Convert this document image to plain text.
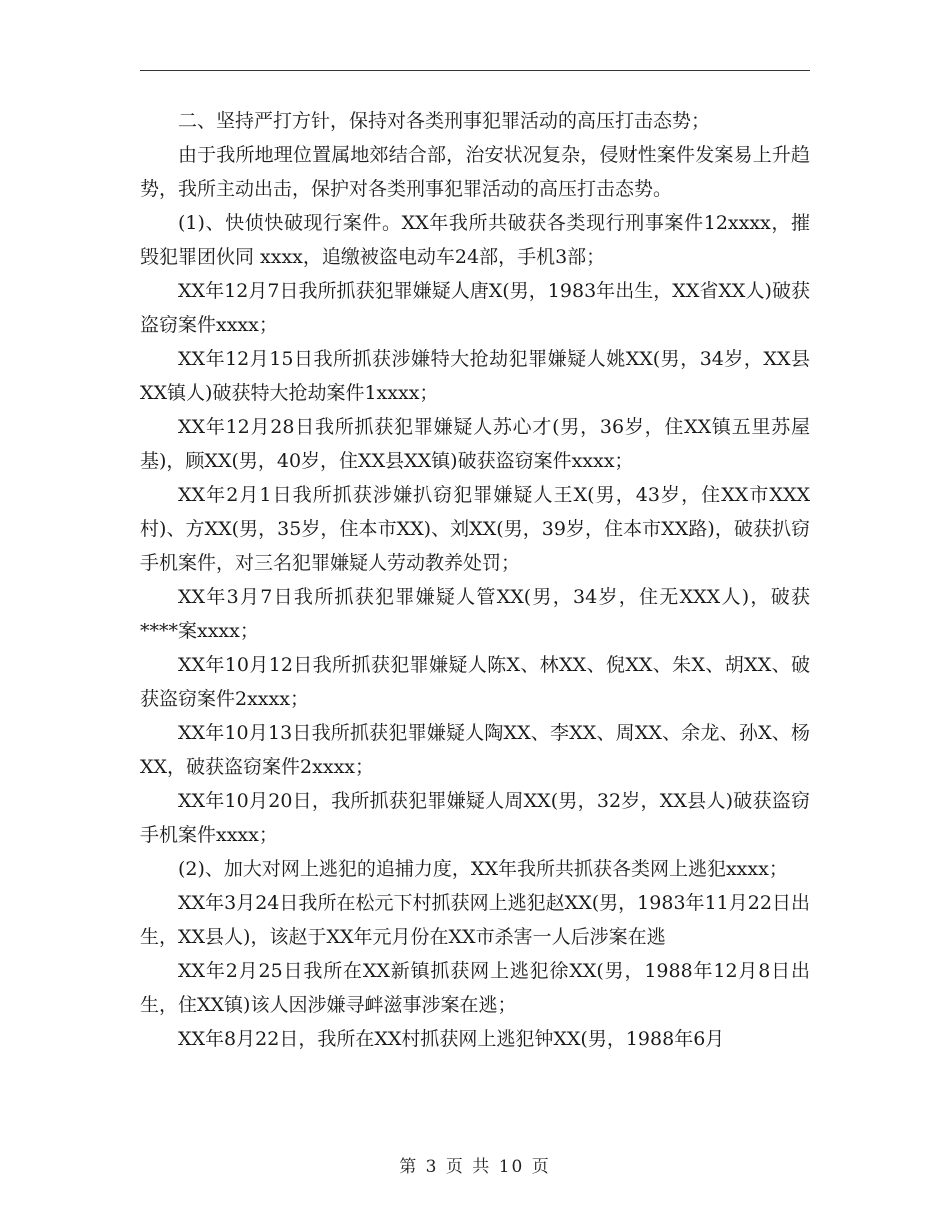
二、坚持严打方针，保持对各类刑事犯罪活动的高压打击态势；

由于我所地理位置属地郊结合部，治安状况复杂，侵财性案件发案易上升趋势，我所主动出击，保护对各类刑事犯罪活动的高压打击态势。

(1)、快侦快破现行案件。XX年我所共破获各类现行刑事案件12xxxx，摧毁犯罪团伙同 xxxx，追缴被盗电动车24部，手机3部；

XX年12月7日我所抓获犯罪嫌疑人唐X(男，1983年出生，XX省XX人)破获盗窃案件xxxx；

XX年12月15日我所抓获涉嫌特大抢劫犯罪嫌疑人姚XX(男，34岁，XX县XX镇人)破获特大抢劫案件1xxxx；

XX年12月28日我所抓获犯罪嫌疑人苏心才(男，36岁，住XX镇五里苏屋基)，顾XX(男，40岁，住XX县XX镇)破获盗窃案件xxxx；

XX年2月1日我所抓获涉嫌扒窃犯罪嫌疑人王X(男，43岁，住XX市XXX村)、方XX(男，35岁，住本市XX)、刘XX(男，39岁，住本市XX路)，破获扒窃手机案件，对三名犯罪嫌疑人劳动教养处罚；

XX年3月7日我所抓获犯罪嫌疑人管XX(男，34岁，住无XXX人)，破获****案xxxx；

XX年10月12日我所抓获犯罪嫌疑人陈X、林XX、倪XX、朱X、胡XX、破获盗窃案件2xxxx；

XX年10月13日我所抓获犯罪嫌疑人陶XX、李XX、周XX、余龙、孙X、杨XX，破获盗窃案件2xxxx；

XX年10月20日，我所抓获犯罪嫌疑人周XX(男，32岁，XX县人)破获盗窃手机案件xxxx；

(2)、加大对网上逃犯的追捕力度，XX年我所共抓获各类网上逃犯xxxx；

XX年3月24日我所在松元下村抓获网上逃犯赵XX(男，1983年11月22日出生，XX县人)，该赵于XX年元月份在XX市杀害一人后涉案在逃

XX年2月25日我所在XX新镇抓获网上逃犯徐XX(男，1988年12月8日出生，住XX镇)该人因涉嫌寻衅滋事涉案在逃；

XX年8月22日，我所在XX村抓获网上逃犯钟XX(男，1988年6月

第 3 页 共 10 页
